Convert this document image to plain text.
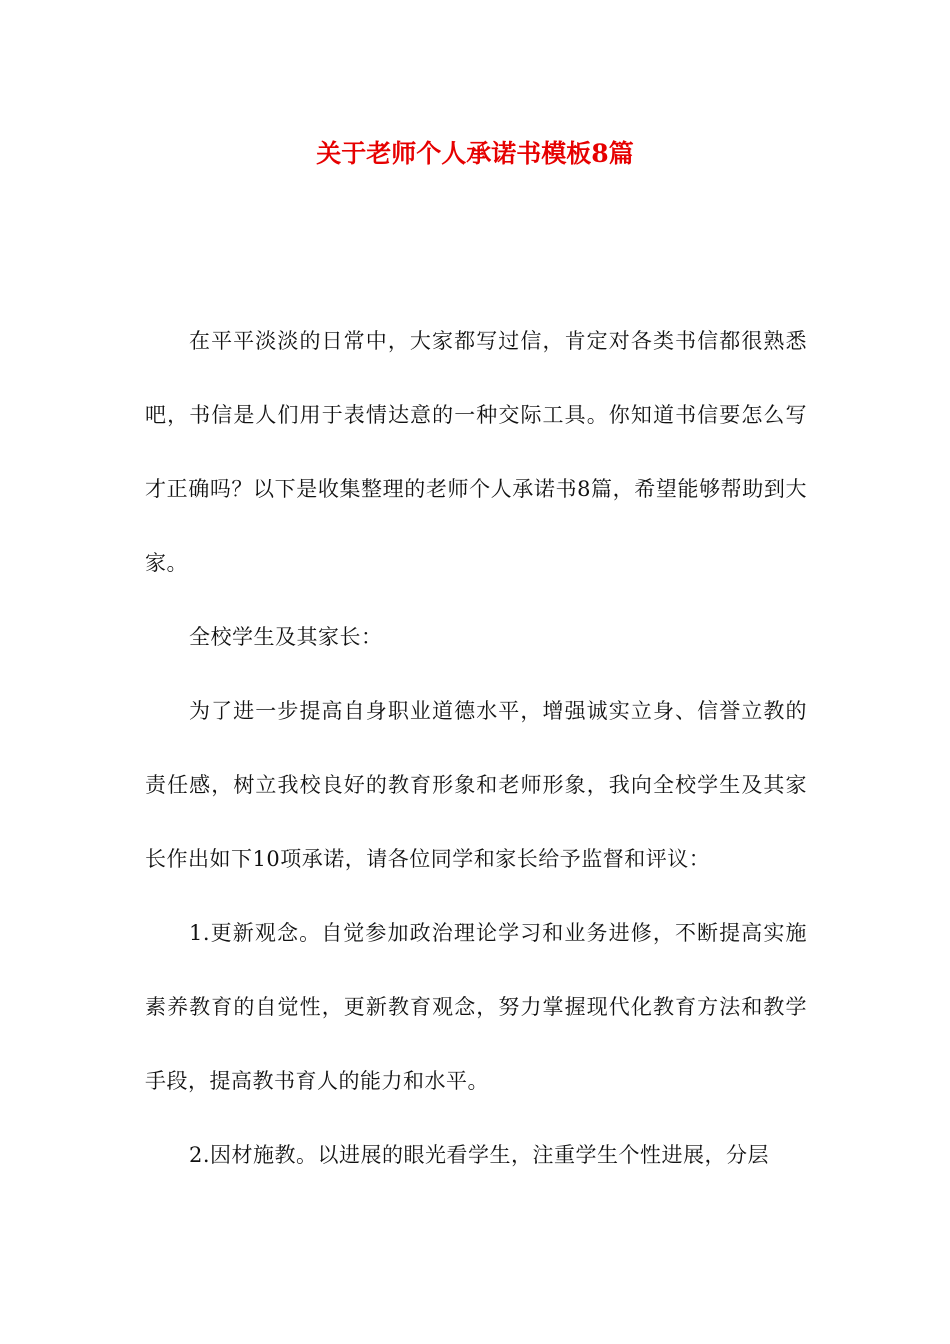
关于老师个人承诺书模板8篇

在平平淡淡的日常中，大家都写过信，肯定对各类书信都很熟悉吧，书信是人们用于表情达意的一种交际工具。你知道书信要怎么写才正确吗？以下是收集整理的老师个人承诺书8篇，希望能够帮助到大家。

全校学生及其家长：

为了进一步提高自身职业道德水平，增强诚实立身、信誉立教的责任感，树立我校良好的教育形象和老师形象，我向全校学生及其家长作出如下10项承诺，请各位同学和家长给予监督和评议：

1.更新观念。自觉参加政治理论学习和业务进修，不断提高实施素养教育的自觉性，更新教育观念，努力掌握现代化教育方法和教学手段，提高教书育人的能力和水平。

2.因材施教。以进展的眼光看学生，注重学生个性进展，分层
